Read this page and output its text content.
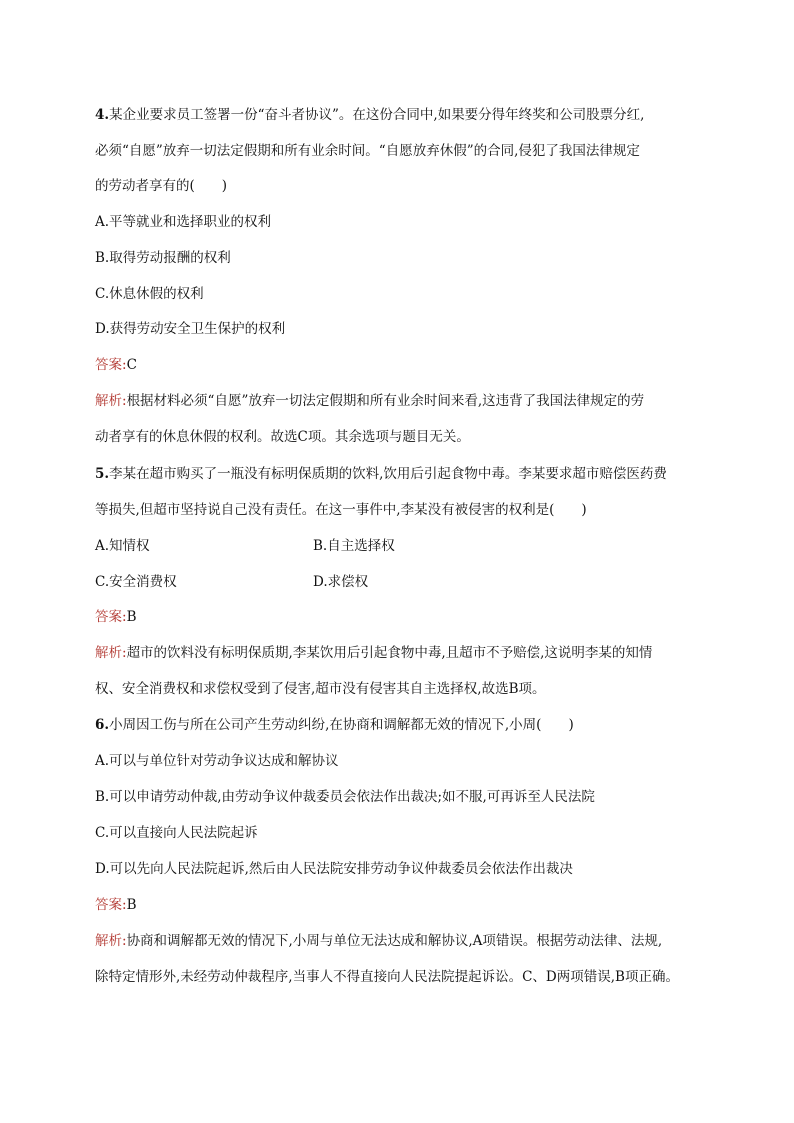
4.某企业要求员工签署一份“奋斗者协议”。在这份合同中,如果要分得年终奖和公司股票分红,
必须“自愿”放弃一切法定假期和所有业余时间。“自愿放弃休假”的合同,侵犯了我国法律规定
的劳动者享有的(　　)
A.平等就业和选择职业的权利
B.取得劳动报酬的权利
C.休息休假的权利
D.获得劳动安全卫生保护的权利
答案:C
解析:根据材料必须“自愿”放弃一切法定假期和所有业余时间来看,这违背了我国法律规定的劳
动者享有的休息休假的权利。故选C项。其余选项与题目无关。
5.李某在超市购买了一瓶没有标明保质期的饮料,饮用后引起食物中毒。李某要求超市赔偿医药费
等损失,但超市坚持说自己没有责任。在这一事件中,李某没有被侵害的权利是(　　)
A.知情权	B.自主选择权
C.安全消费权	D.求偿权
答案:B
解析:超市的饮料没有标明保质期,李某饮用后引起食物中毒,且超市不予赔偿,这说明李某的知情
权、安全消费权和求偿权受到了侵害,超市没有侵害其自主选择权,故选B项。
6.小周因工伤与所在公司产生劳动纠纷,在协商和调解都无效的情况下,小周(　　)
A.可以与单位针对劳动争议达成和解协议
B.可以申请劳动仲裁,由劳动争议仲裁委员会依法作出裁决;如不服,可再诉至人民法院
C.可以直接向人民法院起诉
D.可以先向人民法院起诉,然后由人民法院安排劳动争议仲裁委员会依法作出裁决
答案:B
解析:协商和调解都无效的情况下,小周与单位无法达成和解协议,A项错误。根据劳动法律、法规,
除特定情形外,未经劳动仲裁程序,当事人不得直接向人民法院提起诉讼。C、D两项错误,B项正确。
